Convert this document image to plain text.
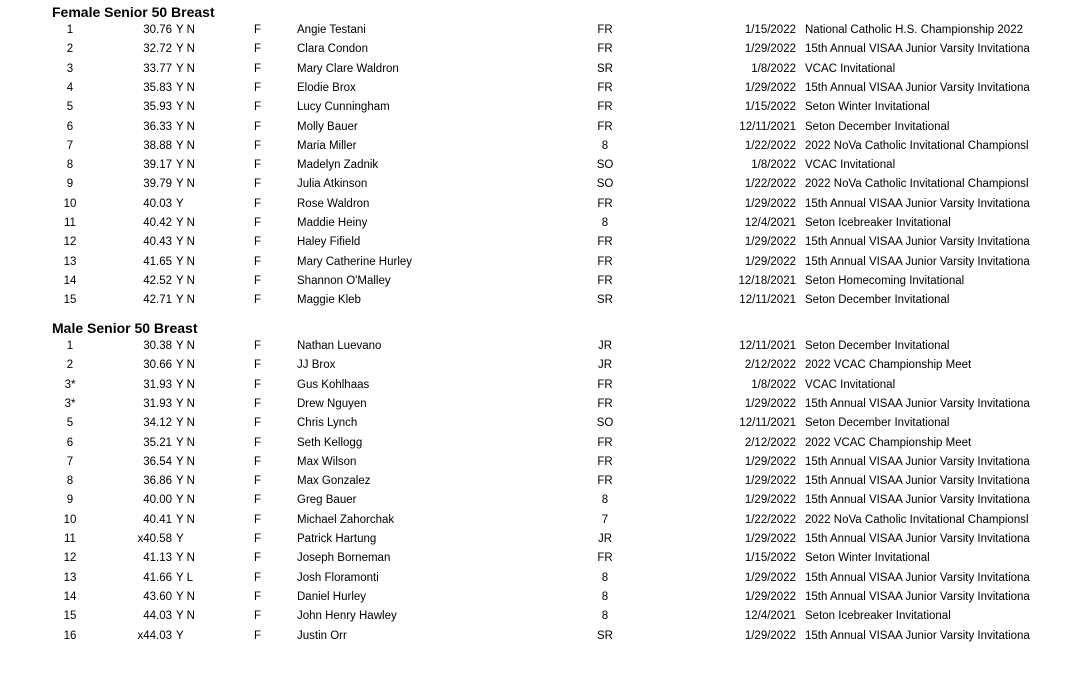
Female Senior 50 Breast
1	30.76 Y N	F	Angie Testani	FR	1/15/2022 National Catholic H.S. Championship 2022
2	32.72 Y N	F	Clara Condon	FR	1/29/2022 15th Annual VISAA Junior Varsity Invitationa
3	33.77 Y N	F	Mary Clare Waldron	SR	1/8/2022 VCAC Invitational
4	35.83 Y N	F	Elodie Brox	FR	1/29/2022 15th Annual VISAA Junior Varsity Invitationa
5	35.93 Y N	F	Lucy Cunningham	FR	1/15/2022 Seton Winter Invitational
6	36.33 Y N	F	Molly Bauer	FR	12/11/2021 Seton December Invitational
7	38.88 Y N	F	Maria Miller	8	1/22/2022 2022 NoVa Catholic Invitational Championsl
8	39.17 Y N	F	Madelyn Zadnik	SO	1/8/2022 VCAC Invitational
9	39.79 Y N	F	Julia Atkinson	SO	1/22/2022 2022 NoVa Catholic Invitational Championsl
10	40.03 Y	F	Rose Waldron	FR	1/29/2022 15th Annual VISAA Junior Varsity Invitationa
11	40.42 Y N	F	Maddie Heiny	8	12/4/2021 Seton Icebreaker Invitational
12	40.43 Y N	F	Haley Fifield	FR	1/29/2022 15th Annual VISAA Junior Varsity Invitationa
13	41.65 Y N	F	Mary Catherine Hurley	FR	1/29/2022 15th Annual VISAA Junior Varsity Invitationa
14	42.52 Y N	F	Shannon O'Malley	FR	12/18/2021 Seton Homecoming Invitational
15	42.71 Y N	F	Maggie Kleb	SR	12/11/2021 Seton December Invitational
Male Senior 50 Breast
1	30.38 Y N	F	Nathan Luevano	JR	12/11/2021 Seton December Invitational
2	30.66 Y N	F	JJ Brox	JR	2/12/2022 2022 VCAC Championship Meet
3*	31.93 Y N	F	Gus Kohlhaas	FR	1/8/2022 VCAC Invitational
3*	31.93 Y N	F	Drew Nguyen	FR	1/29/2022 15th Annual VISAA Junior Varsity Invitationa
5	34.12 Y N	F	Chris Lynch	SO	12/11/2021 Seton December Invitational
6	35.21 Y N	F	Seth Kellogg	FR	2/12/2022 2022 VCAC Championship Meet
7	36.54 Y N	F	Max Wilson	FR	1/29/2022 15th Annual VISAA Junior Varsity Invitationa
8	36.86 Y N	F	Max Gonzalez	FR	1/29/2022 15th Annual VISAA Junior Varsity Invitationa
9	40.00 Y N	F	Greg Bauer	8	1/29/2022 15th Annual VISAA Junior Varsity Invitationa
10	40.41 Y N	F	Michael Zahorchak	7	1/22/2022 2022 NoVa Catholic Invitational Championsl
11	x40.58 Y	F	Patrick Hartung	JR	1/29/2022 15th Annual VISAA Junior Varsity Invitationa
12	41.13 Y N	F	Joseph Borneman	FR	1/15/2022 Seton Winter Invitational
13	41.66 Y L	F	Josh Floramonti	8	1/29/2022 15th Annual VISAA Junior Varsity Invitationa
14	43.60 Y N	F	Daniel Hurley	8	1/29/2022 15th Annual VISAA Junior Varsity Invitationa
15	44.03 Y N	F	John Henry Hawley	8	12/4/2021 Seton Icebreaker Invitational
16	x44.03 Y	F	Justin Orr	SR	1/29/2022 15th Annual VISAA Junior Varsity Invitationa
